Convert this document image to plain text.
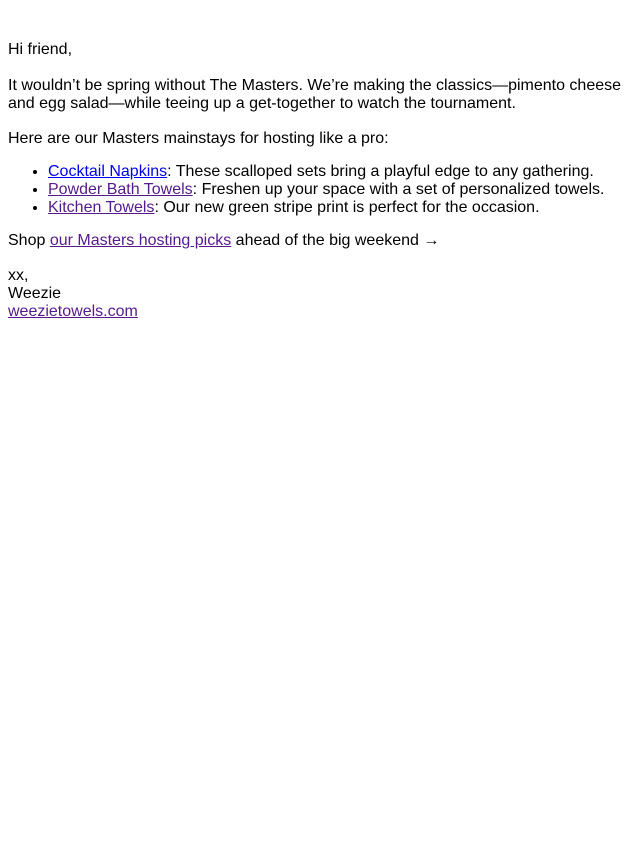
Hi friend,

It wouldn’t be spring without The Masters. We’re making the classics—pimento cheese and egg salad—while teeing up a get-together to watch the tournament.

Here are our Masters mainstays for hosting like a pro:

• Cocktail Napkins: These scalloped sets bring a playful edge to any gathering.
• Powder Bath Towels: Freshen up your space with a set of personalized towels.
• Kitchen Towels: Our new green stripe print is perfect for the occasion.

Shop our Masters hosting picks ahead of the big weekend →

xx,

Weezie

weezietowels.com
